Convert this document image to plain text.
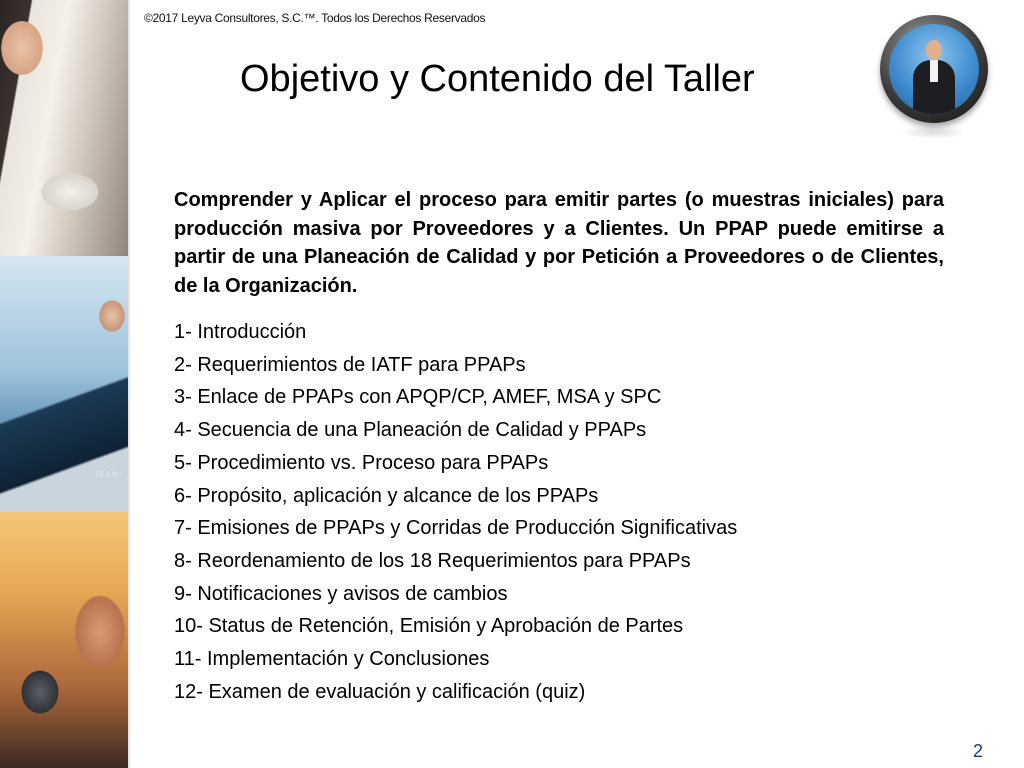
JEAN-
©2017 Leyva Consultores, S.C.™. Todos los Derechos Reservados
Objetivo y Contenido del Taller

Comprender y Aplicar el proceso para emitir partes (o muestras iniciales) para producción masiva por Proveedores y a Clientes. Un PPAP puede emitirse a partir de una Planeación de Calidad y por Petición a Proveedores o de Clientes, de la Organización.

1- Introducción
2- Requerimientos de IATF para PPAPs
3- Enlace de PPAPs con APQP/CP, AMEF, MSA y SPC
4- Secuencia de una Planeación de Calidad y PPAPs
5- Procedimiento vs. Proceso para PPAPs
6- Propósito, aplicación y alcance de los PPAPs
7- Emisiones de PPAPs y Corridas de Producción Significativas
8- Reordenamiento de los 18 Requerimientos para PPAPs
9- Notificaciones y avisos de cambios
10- Status de Retención, Emisión y Aprobación de Partes
11- Implementación y Conclusiones
12- Examen de evaluación y calificación (quiz)
2
